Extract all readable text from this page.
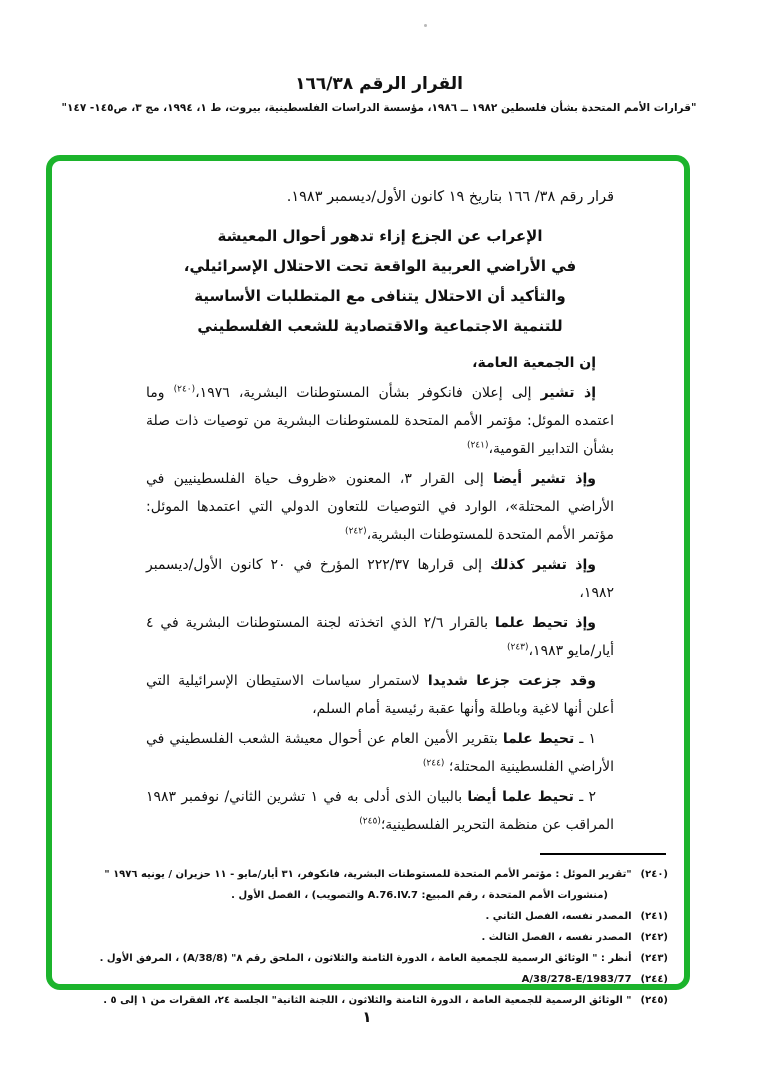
القرار الرقم ٣٨‏/‏١٦٦
"قرارات الأمم المتحدة بشأن فلسطين ١٩٨٢ ــ ١٩٨٦، مؤسسة الدراسات الفلسطينية، بيروت، ط ١، ١٩٩٤، مج ٣، ص١٤٥- ١٤٧"

قرار رقم ٣٨‏/‏ ١٦٦ بتاريخ ١٩ كانون الأول/ديسمبر ١٩٨٣.

الإعراب عن الجزع إزاء تدهور أحوال المعيشة
في الأراضي العربية الواقعة تحت الاحتلال الإسرائيلي،
والتأكيد أن الاحتلال يتنافى مع المتطلبات الأساسية
للتنمية الاجتماعية والاقتصادية للشعب الفلسطيني

إن الجمعية العامة،

إذ تشير إلى إعلان فانكوفر بشأن المستوطنات البشرية، ١٩٧٦،$^{(٢٤٠)}$ وما اعتمده الموئل: مؤتمر الأمم المتحدة للمستوطنات البشرية من توصيات ذات صلة بشأن التدابير القومية،$^{(٢٤١)}$

وإذ تشير أيضا إلى القرار ٣، المعنون «ظروف حياة الفلسطينيين في الأراضي المحتلة»، الوارد في التوصيات للتعاون الدولي التي اعتمدها الموئل: مؤتمر الأمم المتحدة للمستوطنات البشرية،$^{(٢٤٢)}$

وإذ تشير كذلك إلى قرارها ٣٧‏/‏٢٢٢ المؤرخ في ٢٠ كانون الأول/ديسمبر ١٩٨٢،

وإذ تحيط علما بالقرار ٦‏/‏٢ الذي اتخذته لجنة المستوطنات البشرية في ٤ أيار/مايو ١٩٨٣،$^{(٢٤٣)}$

وقد جزعت جزعا شديدا لاستمرار سياسات الاستيطان الإسرائيلية التي أعلن أنها لاغية وباطلة وأنها عقبة رئيسية أمام السلم،

١ ـ تحيط علما بتقرير الأمين العام عن أحوال معيشة الشعب الفلسطيني في الأراضي الفلسطينية المحتلة؛ $^{(٢٤٤)}$

٢ ـ تحيط علما أيضا بالبيان الذى أدلى به في ١ تشرين الثاني/ نوفمبر ١٩٨٣ المراقب عن منظمة التحرير الفلسطينية؛$^{(٢٤٥)}$

(٢٤٠)"تقرير الموئل : مؤتمر الأمم المتحدة للمستوطنات البشرية، فانكوفر، ٣١ أيار/مايو - ١١ حزيران / يونيه ١٩٧٦ "
(منشورات الأمم المتحدة ، رقم المبيع: A.76.IV.7 والتصويب) ، الفصل الأول .
(٢٤١)المصدر نفسه، الفصل الثاني .
(٢٤٢)المصدر نفسه ، الفصل الثالث .
(٢٤٣)أنظر : " الوثائق الرسمية للجمعية العامة ، الدورة الثامنة والثلاثون ، الملحق رقم ٨" (A/38/8) ، المرفق الأول .
(٢٤٤)A/38/278-E/1983/77
(٢٤٥)" الوثائق الرسمية للجمعية العامة ، الدورة الثامنة والثلاثون ، اللجنة الثانية" الجلسة ٢٤، الفقرات من ١ إلى ٥ .
١
